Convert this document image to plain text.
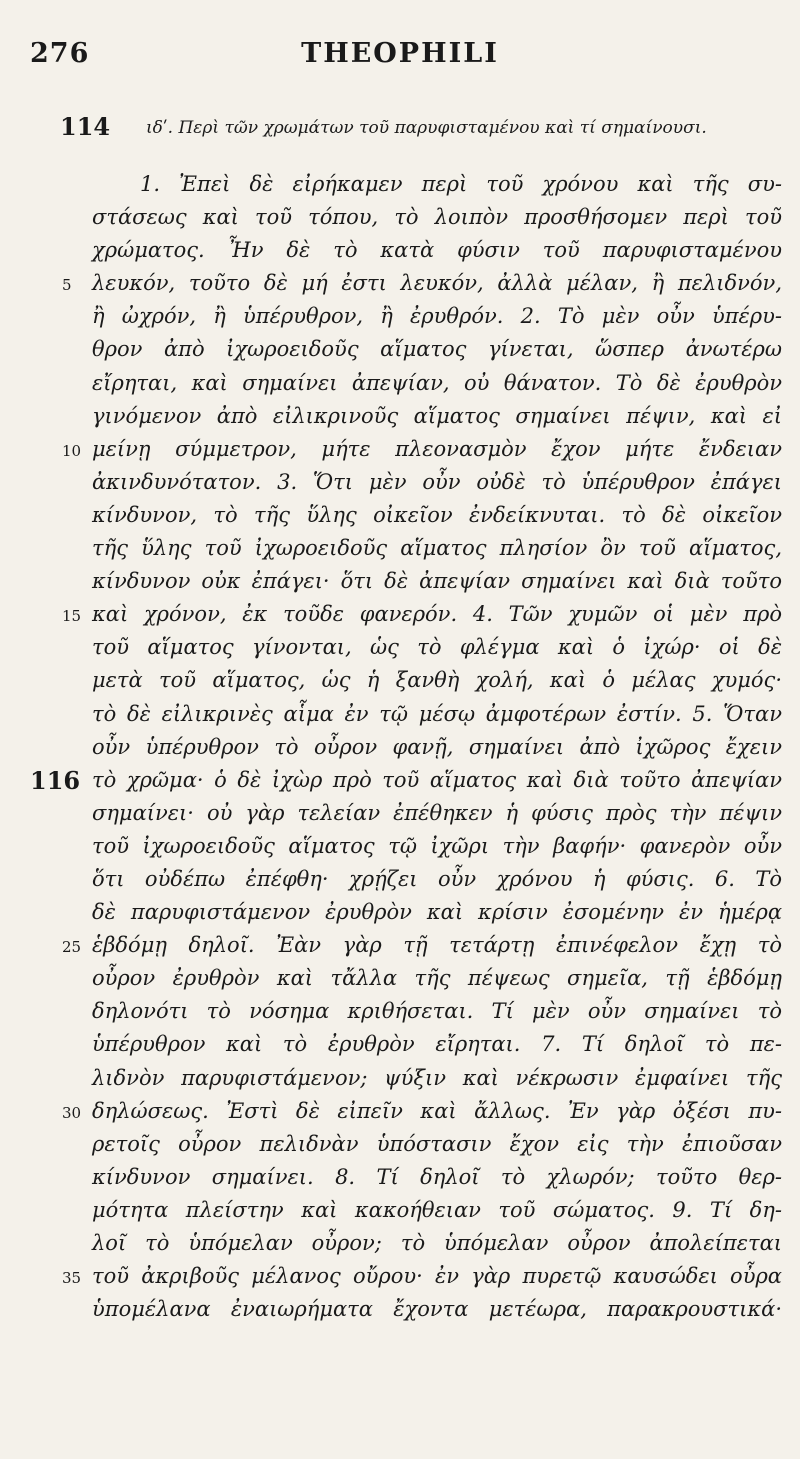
276	THEOPHILI
114 ιδʹ. Περὶ τῶν χρωμάτων τοῦ παρυφισταμένου καὶ τί σημαίνουσι.
1. Ἐπεὶ δὲ εἰρήκαμεν περὶ τοῦ χρόνου καὶ τῆς συ-
στάσεως καὶ τοῦ τόπου, τὸ λοιπὸν προσθήσομεν περὶ τοῦ
χρώματος. Ἦν δὲ τὸ κατὰ φύσιν τοῦ παρυφισταμένου
5 λευκόν, τοῦτο δὲ μή ἐστι λευκόν, ἀλλὰ μέλαν, ἢ πελιδνόν,
ἢ ὠχρόν, ἢ ὑπέρυθρον, ἢ ἐρυθρόν. 2. Τὸ μὲν οὖν ὑπέρυ-
θρον ἀπὸ ἰχωροειδοῦς αἵματος γίνεται, ὥσπερ ἀνωτέρω
εἴρηται, καὶ σημαίνει ἀπεψίαν, οὐ θάνατον. Τὸ δὲ ἐρυθρὸν
γινόμενον ἀπὸ εἰλικρινοῦς αἵματος σημαίνει πέψιν, καὶ εἰ
10 μείνῃ σύμμετρον, μήτε πλεονασμὸν ἔχον μήτε ἔνδειαν
ἀκινδυνότατον. 3. Ὅτι μὲν οὖν οὐδὲ τὸ ὑπέρυθρον ἐπάγει
κίνδυνον, τὸ τῆς ὕλης οἰκεῖον ἐνδείκνυται. τὸ δὲ οἰκεῖον
τῆς ὕλης τοῦ ἰχωροειδοῦς αἵματος πλησίον ὂν τοῦ αἵματος,
κίνδυνον οὐκ ἐπάγει· ὅτι δὲ ἀπεψίαν σημαίνει καὶ διὰ τοῦτο
15 καὶ χρόνον, ἐκ τοῦδε φανερόν. 4. Τῶν χυμῶν οἱ μὲν πρὸ
τοῦ αἵματος γίνονται, ὡς τὸ φλέγμα καὶ ὁ ἰχώρ· οἱ δὲ
μετὰ τοῦ αἵματος, ὡς ἡ ξανθὴ χολή, καὶ ὁ μέλας χυμός·
τὸ δὲ εἰλικρινὲς αἷμα ἐν τῷ μέσῳ ἀμφοτέρων ἐστίν. 5. Ὅταν
οὖν ὑπέρυθρον τὸ οὖρον φανῇ, σημαίνει ἀπὸ ἰχῶρος ἔχειν
116 τὸ χρῶμα· ὁ δὲ ἰχὼρ πρὸ τοῦ αἵματος καὶ διὰ τοῦτο ἀπεψίαν
σημαίνει· οὐ γὰρ τελείαν ἐπέθηκεν ἡ φύσις πρὸς τὴν πέψιν
τοῦ ἰχωροειδοῦς αἵματος τῷ ἰχῶρι τὴν βαφήν· φανερὸν οὖν
ὅτι οὐδέπω ἐπέφθη· χρῄζει οὖν χρόνου ἡ φύσις. 6. Τὸ
δὲ παρυφιστάμενον ἐρυθρὸν καὶ κρίσιν ἐσομένην ἐν ἡμέρᾳ
25 ἑβδόμῃ δηλοῖ. Ἐὰν γὰρ τῇ τετάρτῃ ἐπινέφελον ἔχῃ τὸ
οὖρον ἐρυθρὸν καὶ τἄλλα τῆς πέψεως σημεῖα, τῇ ἑβδόμῃ
δηλονότι τὸ νόσημα κριθήσεται. Τί μὲν οὖν σημαίνει τὸ
ὑπέρυθρον καὶ τὸ ἐρυθρὸν εἴρηται. 7. Τί δηλοῖ τὸ πε-
λιδνὸν παρυφιστάμενον; ψύξιν καὶ νέκρωσιν ἐμφαίνει τῆς
30 δηλώσεως. Ἐστὶ δὲ εἰπεῖν καὶ ἄλλως. Ἐν γὰρ ὀξέσι πυ-
ρετοῖς οὖρον πελιδνὰν ὑπόστασιν ἔχον εἰς τὴν ἐπιοῦσαν
κίνδυνον σημαίνει. 8. Τί δηλοῖ τὸ χλωρόν; τοῦτο θερ-
μότητα πλείστην καὶ κακοήθειαν τοῦ σώματος. 9. Τί δη-
λοῖ τὸ ὑπόμελαν οὖρον; τὸ ὑπόμελαν οὖρον ἀπολείπεται
35 τοῦ ἀκριβοῦς μέλανος οὔρου· ἐν γὰρ πυρετῷ καυσώδει οὖρα
ὑπομέλανα ἐναιωρήματα ἔχοντα μετέωρα, παρακρουστικά·
